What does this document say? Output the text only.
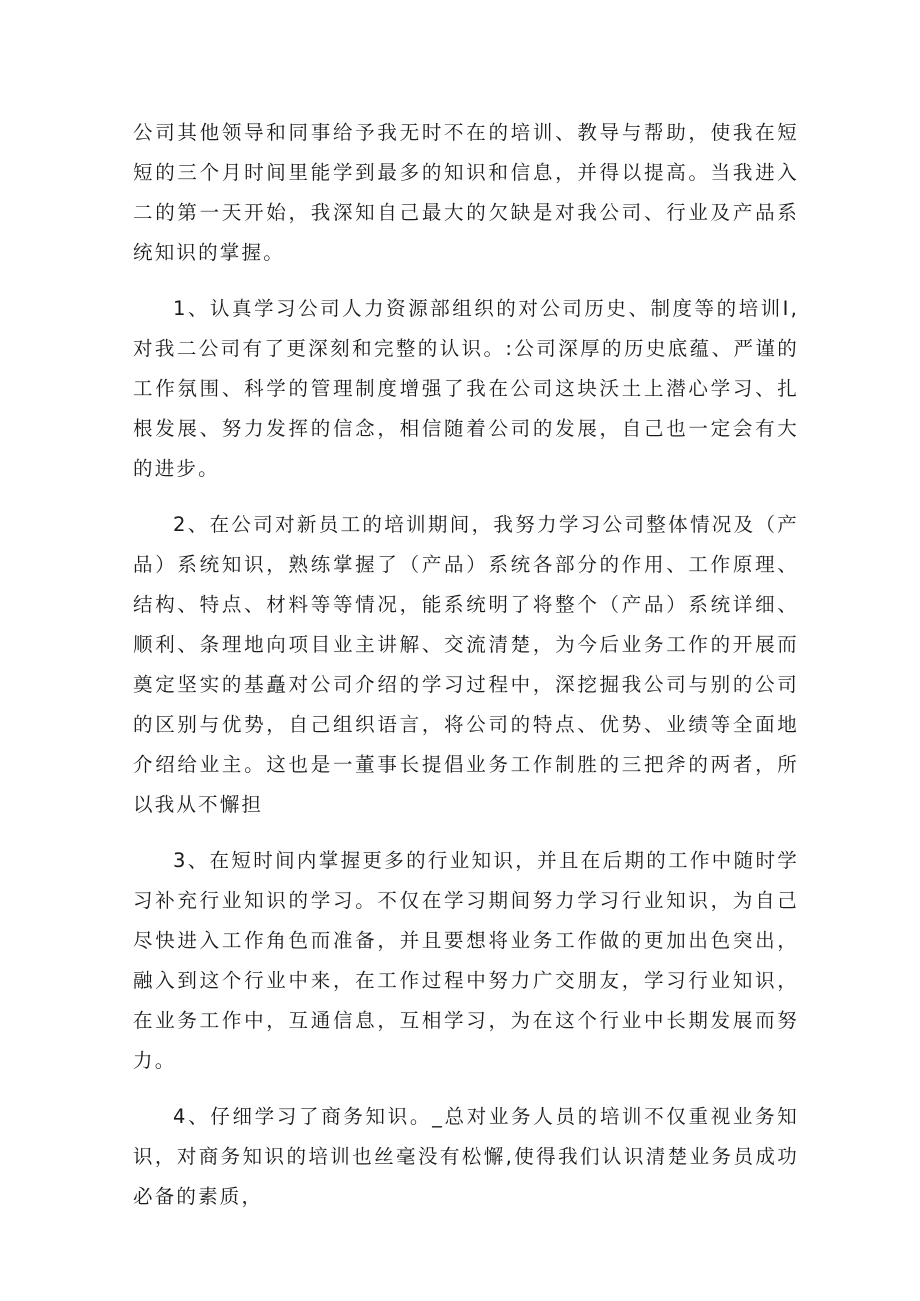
公司其他领导和同事给予我无时不在的培训、教导与帮助，使我在短短的三个月时间里能学到最多的知识和信息，并得以提高。当我进入二的第一天开始，我深知自己最大的欠缺是对我公司、行业及产品系统知识的掌握。

1、认真学习公司人力资源部组织的对公司历史、制度等的培训I,对我二公司有了更深刻和完整的认识。:公司深厚的历史底蕴、严谨的工作氛围、科学的管理制度增强了我在公司这块沃土上潜心学习、扎根发展、努力发挥的信念，相信随着公司的发展，自己也一定会有大的进步。

2、在公司对新员工的培训期间，我努力学习公司整体情况及（产品）系统知识，熟练掌握了（产品）系统各部分的作用、工作原理、结构、特点、材料等等情况，能系统明了将整个（产品）系统详细、顺利、条理地向项目业主讲解、交流清楚，为今后业务工作的开展而奠定坚实的基矗对公司介绍的学习过程中，深挖掘我公司与别的公司的区别与优势，自己组织语言，将公司的特点、优势、业绩等全面地介绍给业主。这也是一董事长提倡业务工作制胜的三把斧的两者，所以我从不懈担

3、在短时间内掌握更多的行业知识，并且在后期的工作中随时学习补充行业知识的学习。不仅在学习期间努力学习行业知识，为自己尽快进入工作角色而准备，并且要想将业务工作做的更加出色突出，融入到这个行业中来，在工作过程中努力广交朋友，学习行业知识，在业务工作中，互通信息，互相学习，为在这个行业中长期发展而努力。

4、仔细学习了商务知识。_总对业务人员的培训不仅重视业务知识，对商务知识的培训也丝毫没有松懈,使得我们认识清楚业务员成功必备的素质，
